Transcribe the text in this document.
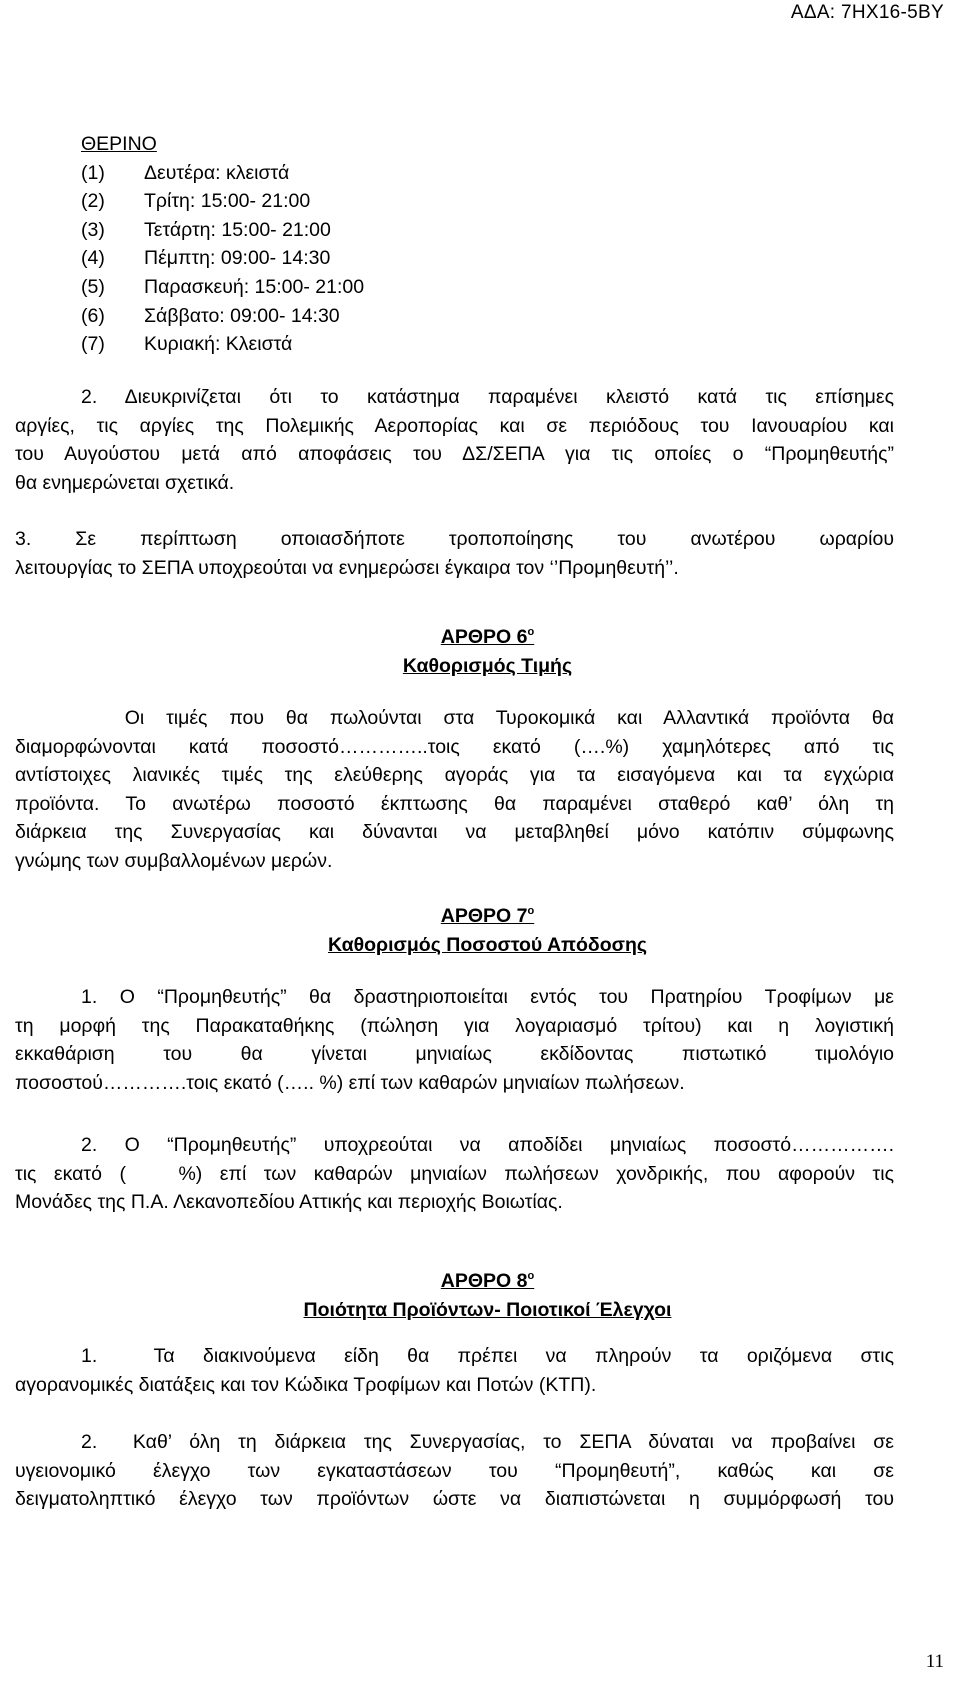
ΑΔΑ: 7ΗΧ16-5ΒΥ
ΘΕΡΙΝΟ
(1) Δευτέρα: κλειστά
(2) Τρίτη: 15:00- 21:00
(3) Τετάρτη: 15:00- 21:00
(4) Πέμπτη: 09:00- 14:30
(5) Παρασκευή: 15:00- 21:00
(6) Σάββατο: 09:00- 14:30
(7) Κυριακή: Κλειστά
2. Διευκρινίζεται ότι το κατάστημα παραμένει κλειστό κατά τις επίσημες
αργίες, τις αργίες της Πολεμικής Αεροπορίας και σε περιόδους του Ιανουαρίου και
του Αυγούστου μετά από αποφάσεις του ΔΣ/ΣΕΠΑ για τις οποίες ο “Προμηθευτής”
θα ενημερώνεται σχετικά.
3. Σε περίπτωση οποιασδήποτε τροποποίησης του ανωτέρου ωραρίου
λειτουργίας το ΣΕΠΑ υποχρεούται να ενημερώσει έγκαιρα τον ‘’Προμηθευτή’’.
ΑΡΘΡΟ $6^o$
Καθορισμός Τιμής
Οι τιμές που θα πωλούνται στα Τυροκομικά και Αλλαντικά προϊόντα θα
διαμορφώνονται κατά ποσοστό…………..τοις εκατό (….%) χαμηλότερες από τις
αντίστοιχες λιανικές τιμές της ελεύθερης αγοράς για τα εισαγόμενα και τα εγχώρια
προϊόντα. Το ανωτέρω ποσοστό έκπτωσης θα παραμένει σταθερό καθ’ όλη τη
διάρκεια της Συνεργασίας και δύνανται να μεταβληθεί μόνο κατόπιν σύμφωνης
γνώμης των συμβαλλομένων μερών.
ΑΡΘΡΟ $7^o$
Καθορισμός Ποσοστού Απόδοσης
1. Ο “Προμηθευτής” θα δραστηριοποιείται εντός του Πρατηρίου Τροφίμων με
τη μορφή της Παρακαταθήκης (πώληση για λογαριασμό τρίτου) και η λογιστική
εκκαθάριση του θα γίνεται μηνιαίως εκδίδοντας πιστωτικό τιμολόγιο
ποσοστού………….τοις εκατό (….. %) επί των καθαρών μηνιαίων πωλήσεων.
2. Ο “Προμηθευτής” υποχρεούται να αποδίδει μηνιαίως ποσοστό…………….
τις εκατό (   %) επί των καθαρών μηνιαίων πωλήσεων χονδρικής, που αφορούν τις
Μονάδες της Π.Α. Λεκανοπεδίου Αττικής και περιοχής Βοιωτίας.
ΑΡΘΡΟ $8^o$
Ποιότητα Προϊόντων- Ποιοτικοί Έλεγχοι
1.  Τα διακινούμενα είδη θα πρέπει να πληρούν τα οριζόμενα στις
αγορανομικές διατάξεις και τον Κώδικα Τροφίμων και Ποτών (ΚΤΠ).
2.  Καθ’ όλη τη διάρκεια της Συνεργασίας, το ΣΕΠΑ δύναται να προβαίνει σε
υγειονομικό έλεγχο των εγκαταστάσεων του “Προμηθευτή”, καθώς και σε
δειγματοληπτικό έλεγχο των προϊόντων ώστε να διαπιστώνεται η συμμόρφωσή του
11
